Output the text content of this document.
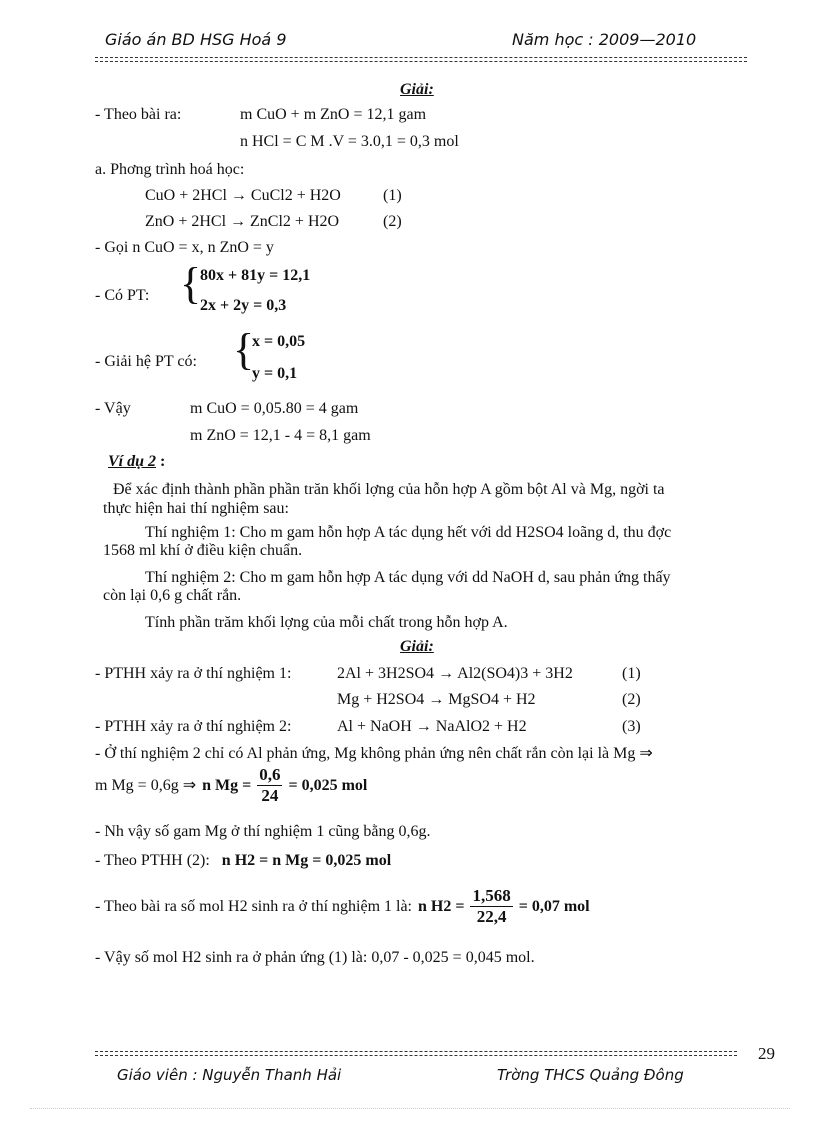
Giáo án BD HSG Hoá 9	Năm học : 2009—2010
Giải:
- Theo bài ra:	m CuO + m ZnO = 12,1 gam
n HCl = C M .V = 3.0,1 = 0,3 mol
a. Phơng trình hoá học:
CuO + 2HCl → CuCl2 + H2O	(1)
ZnO + 2HCl → ZnCl2 + H2O	(2)
- Gọi n CuO = x, n ZnO = y
- Có PT: {
80x + 81y = 12,1
2x + 2y = 0,3
- Giải hệ PT có: {
x = 0,05
y = 0,1
- Vậy	m CuO = 0,05.80 = 4 gam
m ZnO = 12,1 - 4 = 8,1 gam
Ví dụ 2 :
Để xác định thành phần phần trăn khối lợng của hỗn hợp A gồm bột Al và Mg, ngời ta
thực hiện hai thí nghiệm sau:
Thí nghiệm 1: Cho m gam hỗn hợp A tác dụng hết với dd H2SO4 loãng d, thu đợc
1568 ml khí ở điều kiện chuẩn.
Thí nghiệm 2: Cho m gam hỗn hợp A tác dụng với dd NaOH d, sau phản ứng thấy
còn lại 0,6 g chất rắn.
Tính phần trăm khối lợng của mỗi chất trong hỗn hợp A.
Giải:
- PTHH xảy ra ở thí nghiệm 1:	2Al + 3H2SO4 → Al2(SO4)3 + 3H2	(1)
Mg + H2SO4 → MgSO4 + H2	(2)
- PTHH xảy ra ở thí nghiệm 2:	Al + NaOH → NaAlO2 + H2	(3)
- Ở thí nghiệm 2 chỉ có Al phản ứng, Mg không phản ứng nên chất rắn còn lại là Mg ⇒
m Mg = 0,6g ⇒ n $Mg = \frac{0,6}{24} = 0,025$ mol
- Nh vậy số gam Mg ở thí nghiệm 1 cũng bằng 0,6g.
- Theo PTHH (2): n H2 = n Mg = 0,025 mol
- Theo bài ra số mol H2 sinh ra ở thí nghiệm 1 là: n $H2 = \frac{1,568}{22,4} = 0,07$ mol
- Vậy số mol H2 sinh ra ở phản ứng (1) là: 0,07 - 0,025 = 0,045 mol.
29
Giáo viên : Nguyễn Thanh Hải	Trờng THCS Quảng Đông
